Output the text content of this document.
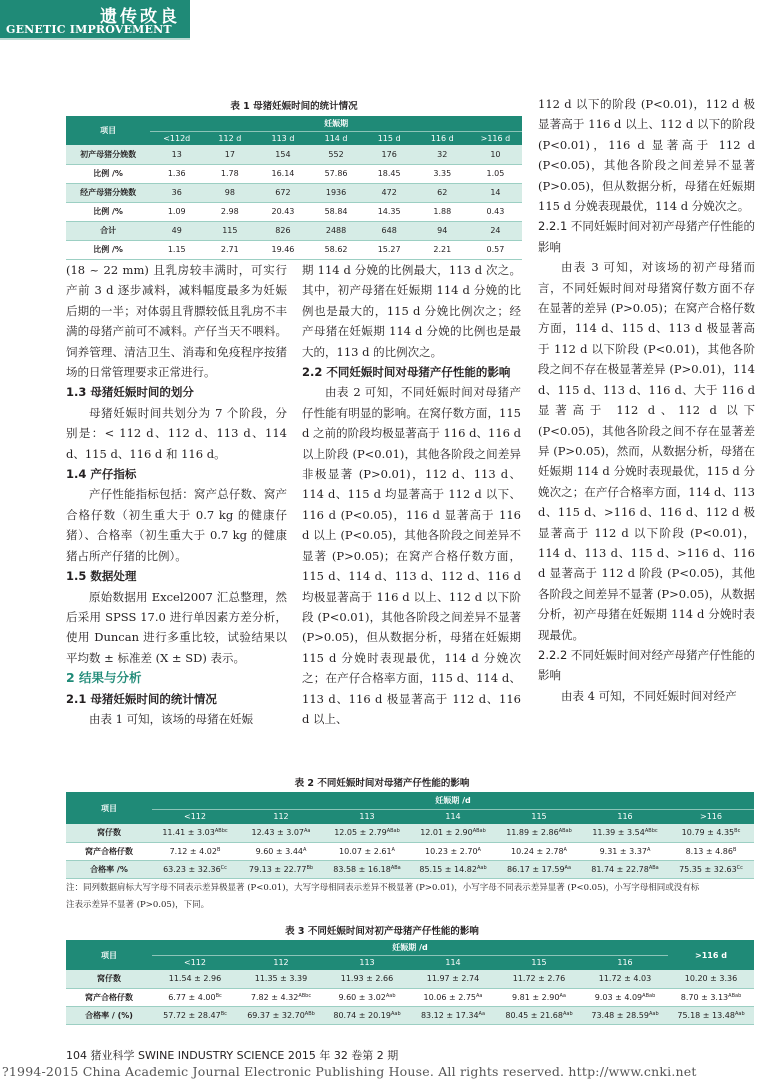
遗传改良
GENETIC IMPROVEMENT
表 1 母猪妊娠时间的统计情况
项目	妊娠期						
	<112d	112 d	113 d	114 d	115 d	116 d	>116 d
初产母猪分娩数	13	17	154	552	176	32	10
比例 /%	1.36	1.78	16.14	57.86	18.45	3.35	1.05
经产母猪分娩数	36	98	672	1936	472	62	14
比例 /%	1.09	2.98	20.43	58.84	14.35	1.88	0.43
合计	49	115	826	2488	648	94	24
比例 /%	1.15	2.71	19.46	58.62	15.27	2.21	0.57

(18 ~ 22 mm) 且乳房较丰满时，可实行产前 3 d 逐步减料，减料幅度最多为妊娠后期的一半；对体弱且背膘较低且乳房不丰满的母猪产前可不减料。产仔当天不喂料。饲养管理、清洁卫生、消毒和免疫程序按猪场的日常管理要求正常进行。

1.3 母猪妊娠时间的划分

母猪妊娠时间共划分为 7 个阶段，分别是：< 112 d、112 d、113 d、114 d、115 d、116 d 和 116 d。

1.4 产仔指标

产仔性能指标包括：窝产总仔数、窝产合格仔数（初生重大于 0.7 kg 的健康仔猪）、合格率（初生重大于 0.7 kg 的健康猪占所产仔猪的比例）。

1.5 数据处理

原始数据用 Excel2007 汇总整理，然后采用 SPSS 17.0 进行单因素方差分析，使用 Duncan 进行多重比较，试验结果以平均数 ± 标准差 (X ± SD) 表示。

2 结果与分析

2.1 母猪妊娠时间的统计情况

由表 1 可知，该场的母猪在妊娠

期 114 d 分娩的比例最大，113 d 次之。其中，初产母猪在妊娠期 114 d 分娩的比例也是最大的，115 d 分娩比例次之；经产母猪在妊娠期 114 d 分娩的比例也是最大的，113 d 的比例次之。

2.2 不同妊娠时间对母猪产仔性能的影响

由表 2 可知，不同妊娠时间对母猪产仔性能有明显的影响。在窝仔数方面，115 d 之前的阶段均极显著高于 116 d、116 d 以上阶段 (P<0.01)，其他各阶段之间差异非极显著 (P>0.01)，112 d、113 d、114 d、115 d 均显著高于 112 d 以下、116 d (P<0.05)，116 d 显著高于 116 d 以上 (P<0.05)，其他各阶段之间差异不显著 (P>0.05)；在窝产合格仔数方面，115 d、114 d、113 d、112 d、116 d 均极显著高于 116 d 以上、112 d 以下阶段 (P<0.01)，其他各阶段之间差异不显著 (P>0.05)，但从数据分析，母猪在妊娠期 115 d 分娩时表现最优，114 d 分娩次之；在产仔合格率方面，115 d、114 d、113 d、116 d 极显著高于 112 d、116 d 以上、

112 d 以下的阶段 (P<0.01)，112 d 极显著高于 116 d 以上、112 d 以下的阶段 (P<0.01)，116 d 显著高于 112 d (P<0.05)，其他各阶段之间差异不显著 (P>0.05)，但从数据分析，母猪在妊娠期 115 d 分娩表现最优，114 d 分娩次之。

2.2.1 不同妊娠时间对初产母猪产仔性能的影响

由表 3 可知，对该场的初产母猪而言，不同妊娠时间对母猪窝仔数方面不存在显著的差异 (P>0.05)；在窝产合格仔数方面，114 d、115 d、113 d 极显著高于 112 d 以下阶段 (P<0.01)，其他各阶段之间不存在极显著差异 (P>0.01)，114 d、115 d、113 d、116 d、大于 116 d 显著高于 112 d、112 d 以下 (P<0.05)，其他各阶段之间不存在显著差异 (P>0.05)，然而，从数据分析，母猪在妊娠期 114 d 分娩时表现最优，115 d 分娩次之；在产仔合格率方面，114 d、113 d、115 d、>116 d、116 d、112 d 极显著高于 112 d 以下阶段 (P<0.01)，114 d、113 d、115 d、>116 d、116 d 显著高于 112 d 阶段 (P<0.05)，其他各阶段之间差异不显著 (P>0.05)，从数据分析，初产母猪在妊娠期 114 d 分娩时表现最优。

2.2.2 不同妊娠时间对经产母猪产仔性能的影响

由表 4 可知，不同妊娠时间对经产

表 2 不同妊娠时间对母猪产仔性能的影响
项目	妊娠期 /d						
	<112	112	113	114	115	116	>116
窝仔数	$11.41 \pm 3.03^{ABbc}$	$12.43 \pm 3.07^{Aa}$	$12.05 \pm 2.79^{ABab}$	$12.01 \pm 2.90^{ABab}$	$11.89 \pm 2.86^{ABab}$	$11.39 \pm 3.54^{ABbc}$	$10.79 \pm 4.35^{Bc}$
窝产合格仔数	$7.12 \pm 4.02^B$	$9.60 \pm 3.44^A$	$10.07 \pm 2.61^A$	$10.23 \pm 2.70^A$	$10.24 \pm 2.78^A$	$9.31 \pm 3.37^A$	$8.13 \pm 4.86^B$
合格率 /%	$63.23 \pm 32.36^{Cc}$	$79.13 \pm 22.77^{Bb}$	$83.58 \pm 16.18^{ABa}$	$85.15 \pm 14.82^{Aab}$	$86.17 \pm 17.59^{Aa}$	$81.74 \pm 22.78^{ABa}$	$75.35 \pm 32.63^{Cc}$
注：同列数据肩标大写字母不同表示差异极显著 (P<0.01)，大写字母相同表示差异不极显著 (P>0.01)，小写字母不同表示差异显著 (P<0.05)，小写字母相同或没有标注表示差异不显著 (P>0.05)，下同。
表 3 不同妊娠时间对初产母猪产仔性能的影响
项目	妊娠期 /d						>116 d
	<112	112	113	114	115	116	
窝仔数	11.54 ± 2.96	11.35 ± 3.39	11.93 ± 2.66	11.97 ± 2.74	11.72 ± 2.76	11.72 ± 4.03	10.20 ± 3.36
窝产合格仔数	$6.77 \pm 4.00^{Bc}$	$7.82 \pm 4.32^{ABbc}$	$9.60 \pm 3.02^{Aab}$	$10.06 \pm 2.75^{Aa}$	$9.81 \pm 2.90^{Aa}$	$9.03 \pm 4.09^{ABab}$	$8.70 \pm 3.13^{ABab}$
合格率 / (%)	$57.72 \pm 28.47^{Bc}$	$69.37 \pm 32.70^{ABb}$	$80.74 \pm 20.19^{Aab}$	$83.12 \pm 17.34^{Aa}$	$80.45 \pm 21.68^{Aab}$	$73.48 \pm 28.59^{Aab}$	$75.18 \pm 13.48^{Aab}$
104 猪业科学 SWINE INDUSTRY SCIENCE 2015 年 32 卷第 2 期
?1994-2015 China Academic Journal Electronic Publishing House. All rights reserved. http://www.cnki.net
